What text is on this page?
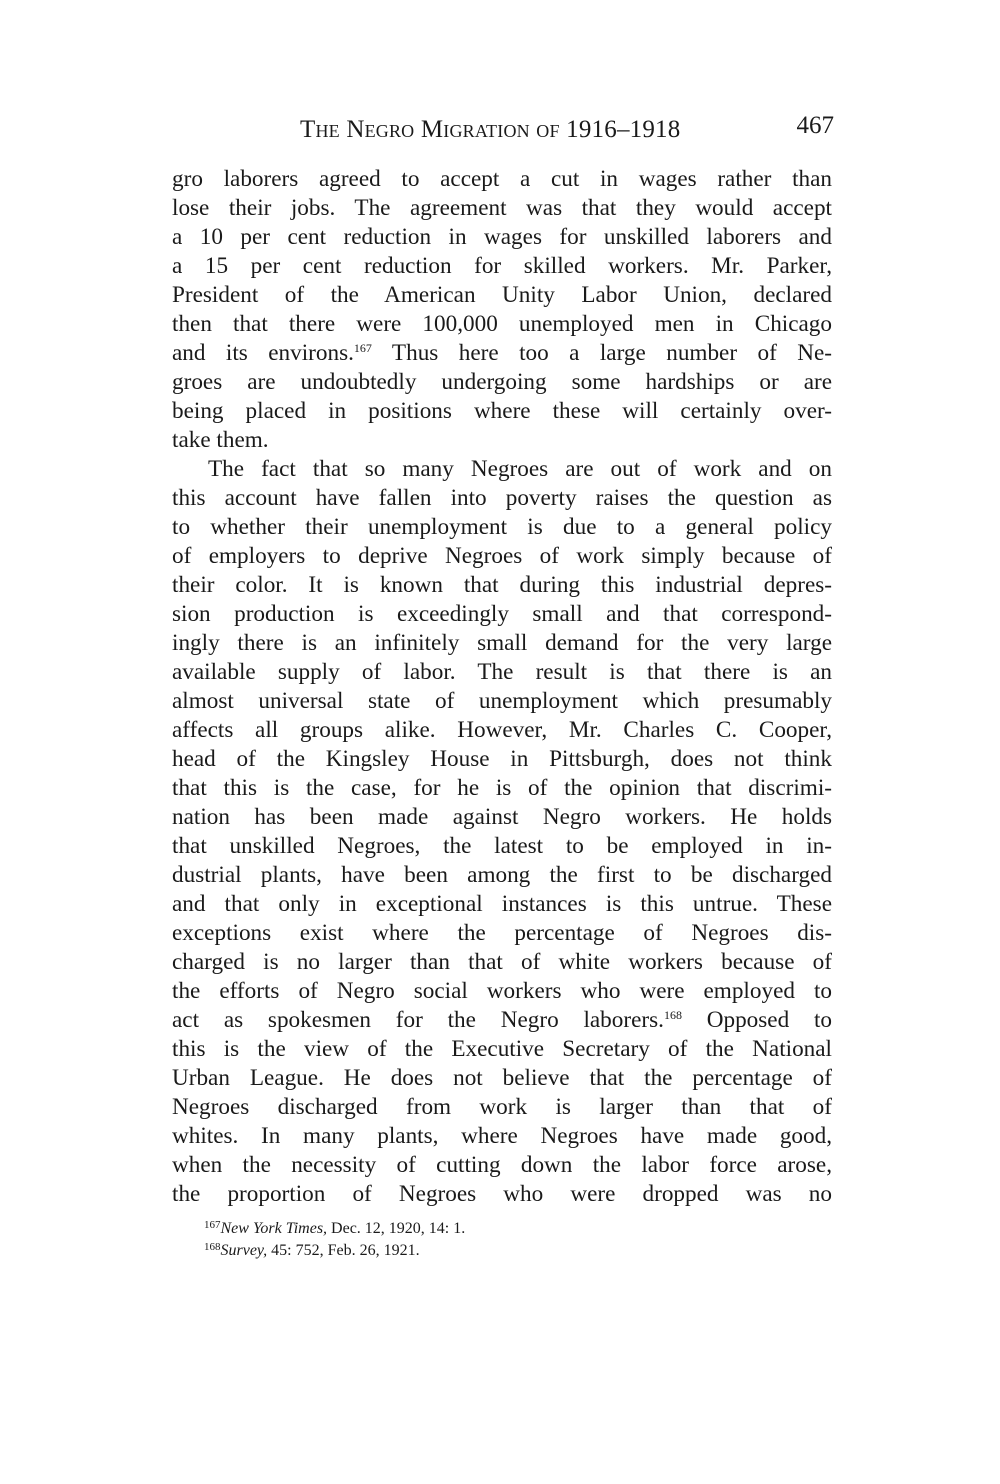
The Negro Migration of 1916–1918	467
gro laborers agreed to accept a cut in wages rather than
lose their jobs. The agreement was that they would accept
a 10 per cent reduction in wages for unskilled laborers and
a 15 per cent reduction for skilled workers. Mr. Parker,
President of the American Unity Labor Union, declared
then that there were 100,000 unemployed men in Chicago
and its environs.$^{167}$ Thus here too a large number of Ne-
groes are undoubtedly undergoing some hardships or are
being placed in positions where these will certainly over-
take them.
The fact that so many Negroes are out of work and on
this account have fallen into poverty raises the question as
to whether their unemployment is due to a general policy
of employers to deprive Negroes of work simply because of
their color. It is known that during this industrial depres-
sion production is exceedingly small and that correspond-
ingly there is an infinitely small demand for the very large
available supply of labor. The result is that there is an
almost universal state of unemployment which presumably
affects all groups alike. However, Mr. Charles C. Cooper,
head of the Kingsley House in Pittsburgh, does not think
that this is the case, for he is of the opinion that discrimi-
nation has been made against Negro workers. He holds
that unskilled Negroes, the latest to be employed in in-
dustrial plants, have been among the first to be discharged
and that only in exceptional instances is this untrue. These
exceptions exist where the percentage of Negroes dis-
charged is no larger than that of white workers because of
the efforts of Negro social workers who were employed to
act as spokesmen for the Negro laborers.$^{168}$ Opposed to
this is the view of the Executive Secretary of the National
Urban League. He does not believe that the percentage of
Negroes discharged from work is larger than that of
whites. In many plants, where Negroes have made good,
when the necessity of cutting down the labor force arose,
the proportion of Negroes who were dropped was no
$^{167}$New York Times, Dec. 12, 1920, 14: 1.
$^{168}$Survey, 45: 752, Feb. 26, 1921.
